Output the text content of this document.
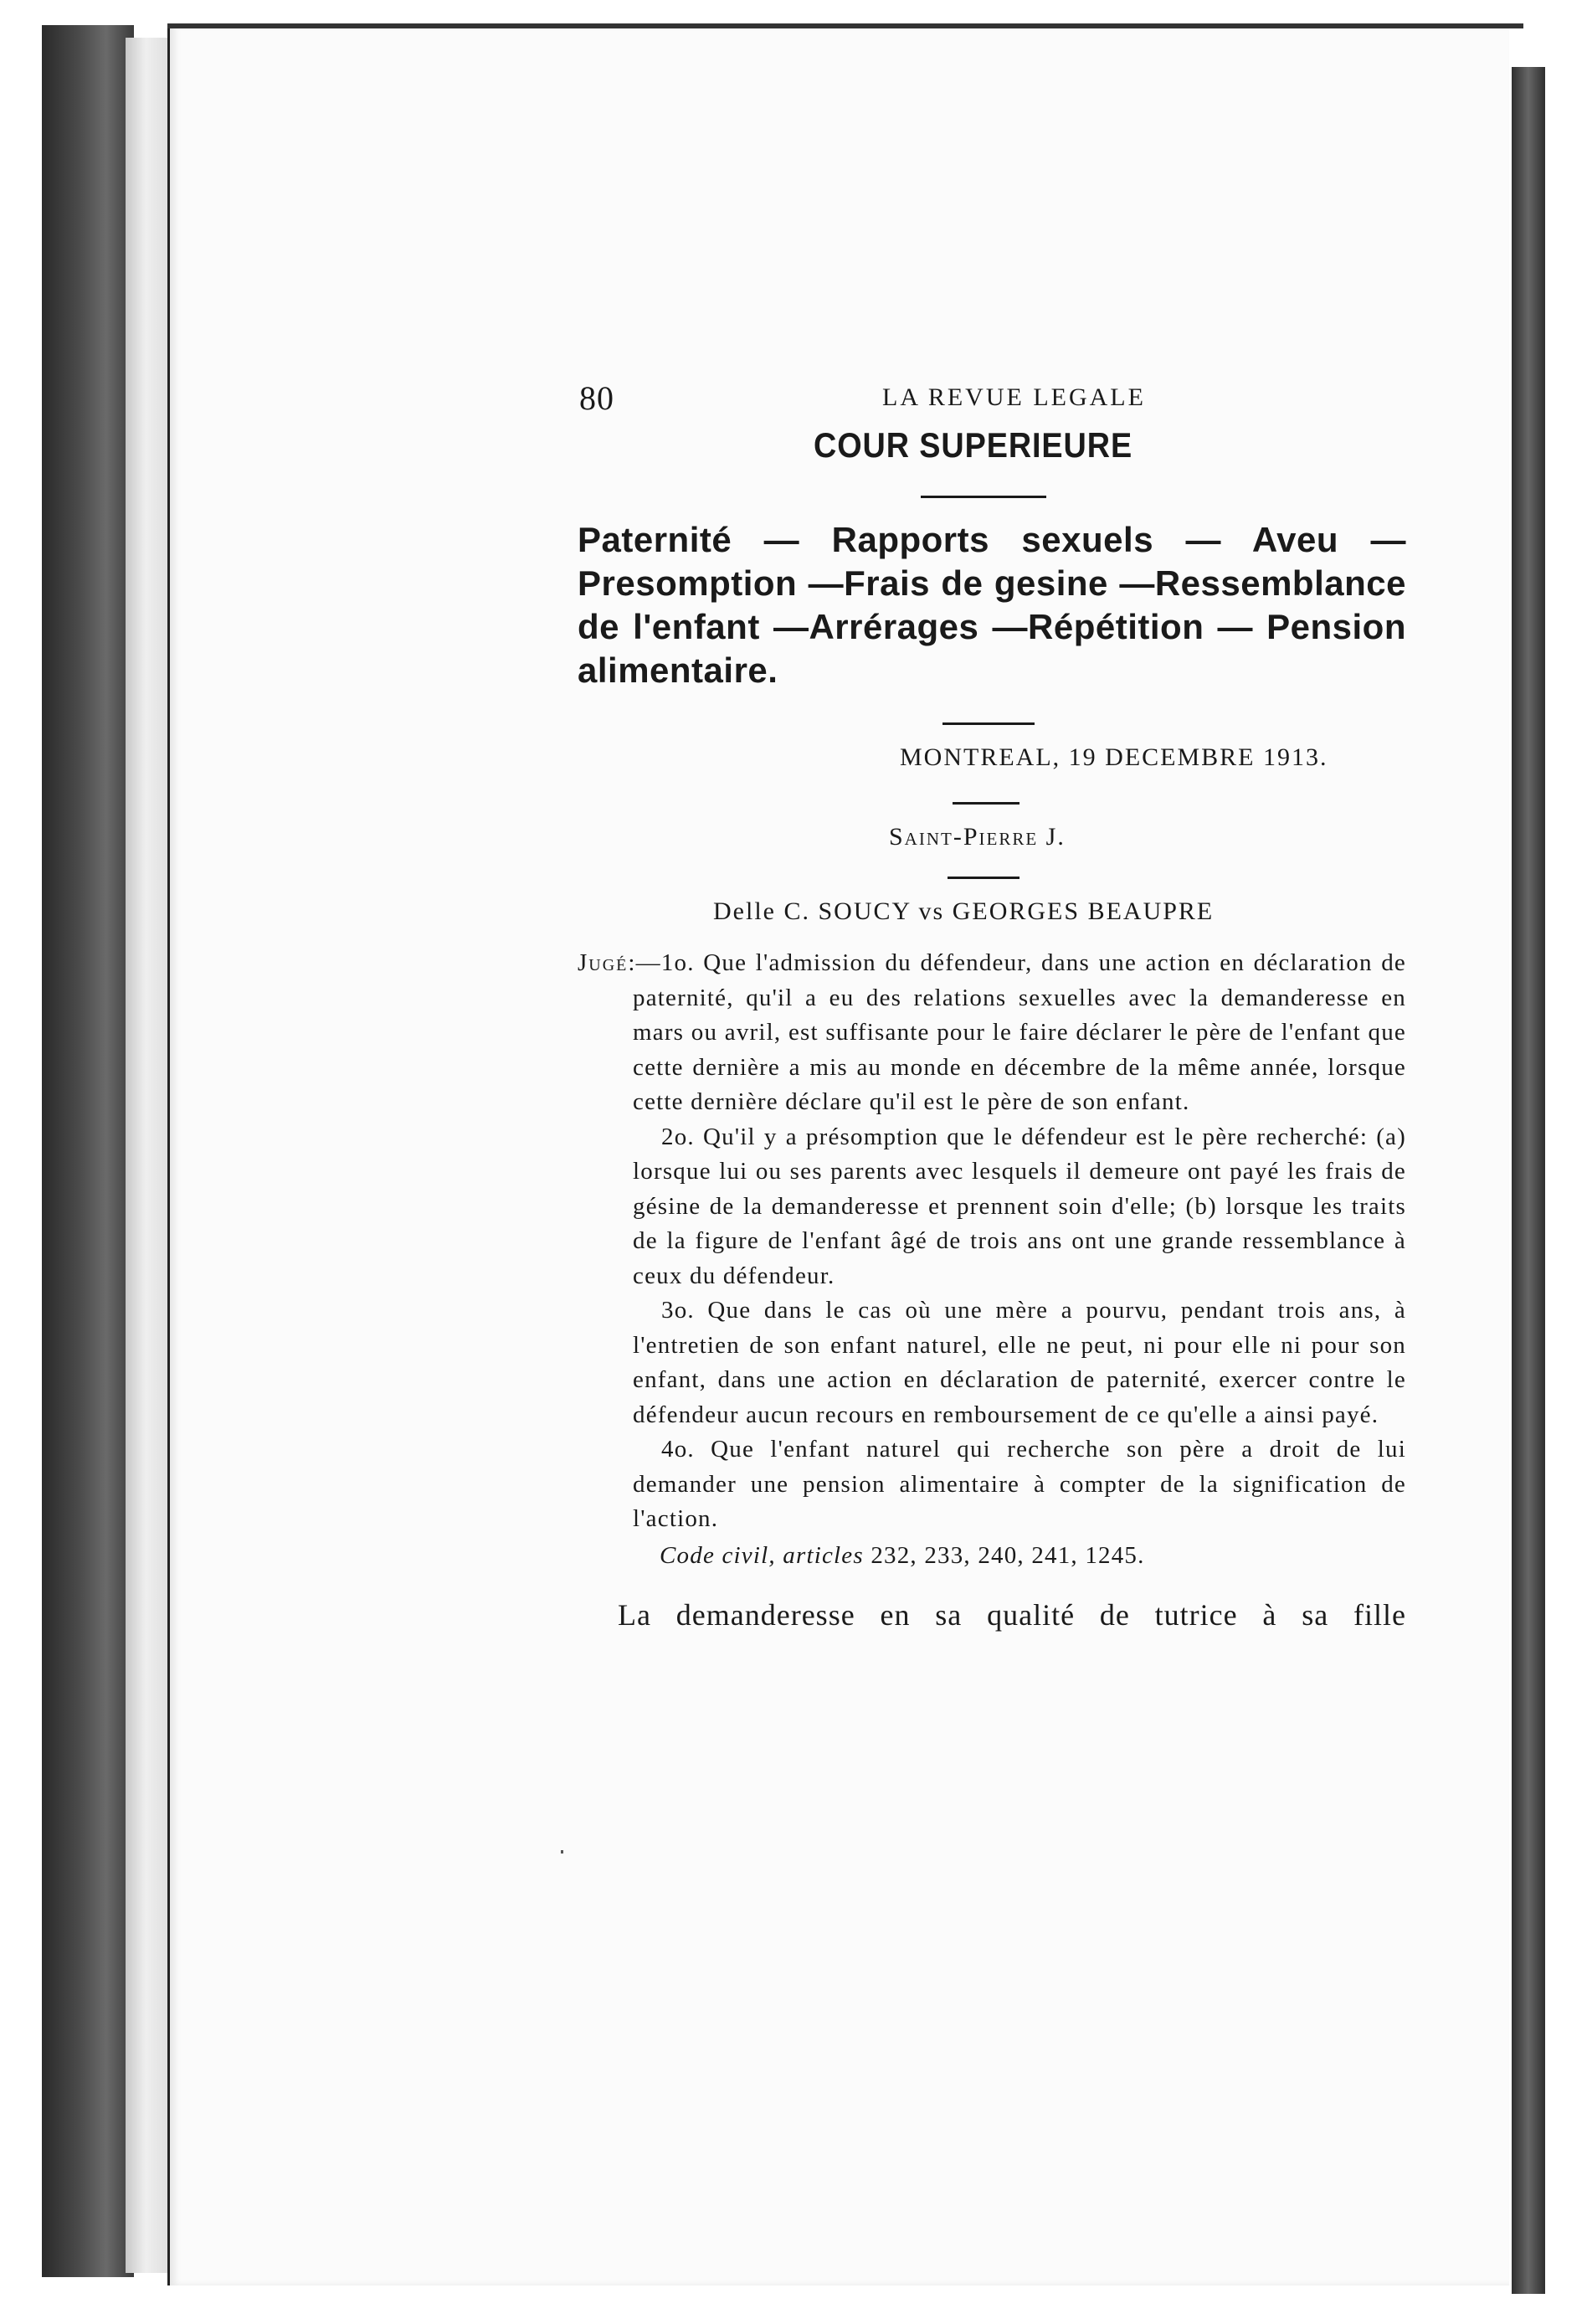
80	LA REVUE LEGALE
COUR SUPERIEURE
Paternité — Rapports sexuels — Aveu —Presomption —Frais de gesine —Ressemblance de l'enfant —Arrérages —Répétition — Pension alimentaire.
MONTREAL, 19 DECEMBRE 1913.
Saint-Pierre J.
Delle C. SOUCY vs GEORGES BEAUPRE

Jugé:—1o. Que l'admission du défendeur, dans une action en déclaration de paternité, qu'il a eu des relations sexuelles avec la demanderesse en mars ou avril, est suffisante pour le faire déclarer le père de l'enfant que cette dernière a mis au monde en décembre de la même année, lorsque cette dernière déclare qu'il est le père de son enfant.

2o. Qu'il y a présomption que le défendeur est le père recherché: (a) lorsque lui ou ses parents avec lesquels il demeure ont payé les frais de gésine de la demanderesse et prennent soin d'elle; (b) lorsque les traits de la figure de l'enfant âgé de trois ans ont une grande ressemblance à ceux du défendeur.

3o. Que dans le cas où une mère a pourvu, pendant trois ans, à l'entretien de son enfant naturel, elle ne peut, ni pour elle ni pour son enfant, dans une action en déclaration de paternité, exercer contre le défendeur aucun recours en remboursement de ce qu'elle a ainsi payé.

4o. Que l'enfant naturel qui recherche son père a droit de lui demander une pension alimentaire à compter de la signification de l'action.

Code civil, articles 232, 233, 240, 241, 1245.
La demanderesse en sa qualité de tutrice à sa fille
